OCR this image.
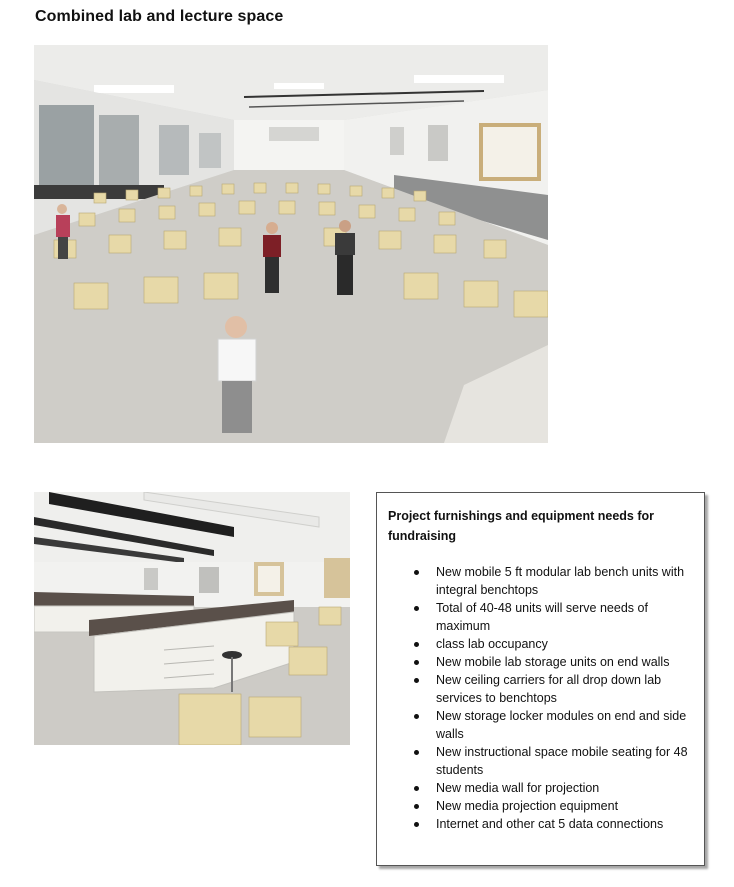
Combined lab and lecture space
Project furnishings and equipment needs for fundraising
New mobile 5 ft modular lab bench units with integral benchtops
Total of 40-48 units will serve needs of maximum
class lab occupancy
New mobile lab storage units on end walls
New ceiling carriers for all drop down lab services to benchtops
New storage locker modules on end and side walls
New instructional space mobile seating for 48 students
New media wall for projection
New media projection equipment
Internet and other cat 5 data connections
